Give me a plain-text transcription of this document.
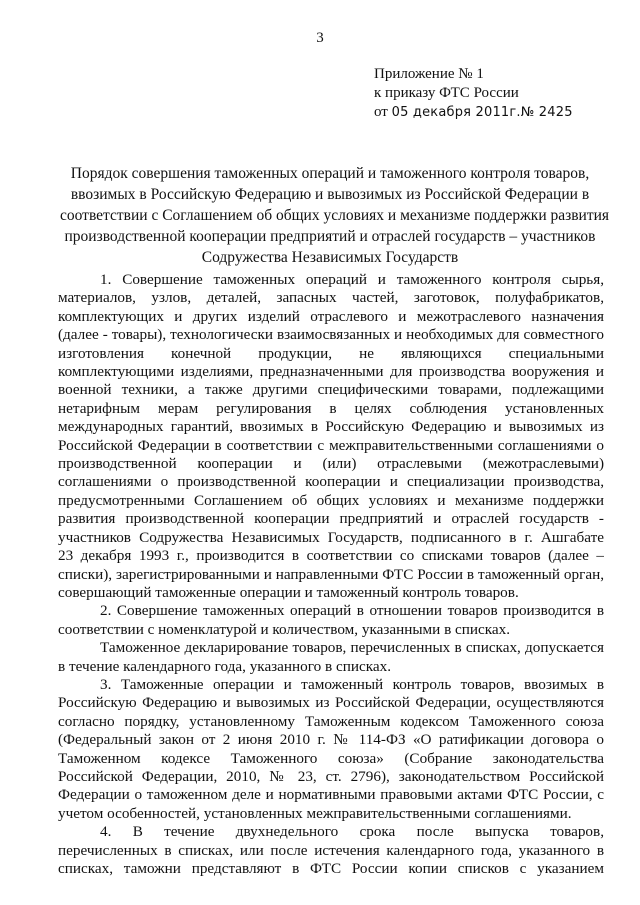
3
Приложение № 1
к приказу ФТС России
от 05 декабря 2011г.№ 2425
Порядок совершения таможенных операций и таможенного контроля товаров,
ввозимых в Российскую Федерацию и вывозимых из Российской Федерации в
соответствии с Соглашением об общих условиях и механизме поддержки развития
производственной кооперации предприятий и отраслей государств – участников
Содружества Независимых Государств
1. Совершение таможенных операций и таможенного контроля сырья,
материалов, узлов, деталей, запасных частей, заготовок, полуфабрикатов,
комплектующих и других изделий отраслевого и межотраслевого назначения
(далее - товары), технологически взаимосвязанных и необходимых для совместного
изготовления конечной продукции, не являющихся специальными
комплектующими изделиями, предназначенными для производства вооружения и
военной техники, а также другими специфическими товарами, подлежащими
нетарифным мерам регулирования в целях соблюдения установленных
международных гарантий, ввозимых в Российскую Федерацию и вывозимых из
Российской Федерации в соответствии с межправительственными соглашениями о
производственной кооперации и (или) отраслевыми (межотраслевыми)
соглашениями о производственной кооперации и специализации производства,
предусмотренными Соглашением об общих условиях и механизме поддержки
развития производственной кооперации предприятий и отраслей государств -
участников Содружества Независимых Государств, подписанного в г. Ашгабате
23 декабря 1993 г., производится в соответствии со списками товаров (далее –
списки), зарегистрированными и направленными ФТС России в таможенный орган,
совершающий таможенные операции и таможенный контроль товаров.
2. Совершение таможенных операций в отношении товаров производится в
соответствии с номенклатурой и количеством, указанными в списках.
Таможенное декларирование товаров, перечисленных в списках, допускается
в течение календарного года, указанного в списках.
3. Таможенные операции и таможенный контроль товаров, ввозимых в
Российскую Федерацию и вывозимых из Российской Федерации, осуществляются
согласно порядку, установленному Таможенным кодексом Таможенного союза
(Федеральный закон от 2 июня 2010 г. № 114-ФЗ «О ратификации договора о
Таможенном кодексе Таможенного союза» (Собрание законодательства
Российской Федерации, 2010, № 23, ст. 2796), законодательством Российской
Федерации о таможенном деле и нормативными правовыми актами ФТС России, с
учетом особенностей, установленных межправительственными соглашениями.
4. В течение двухнедельного срока после выпуска товаров,
перечисленных в списках, или после истечения календарного года, указанного в
списках, таможни представляют в ФТС России копии списков с указанием
